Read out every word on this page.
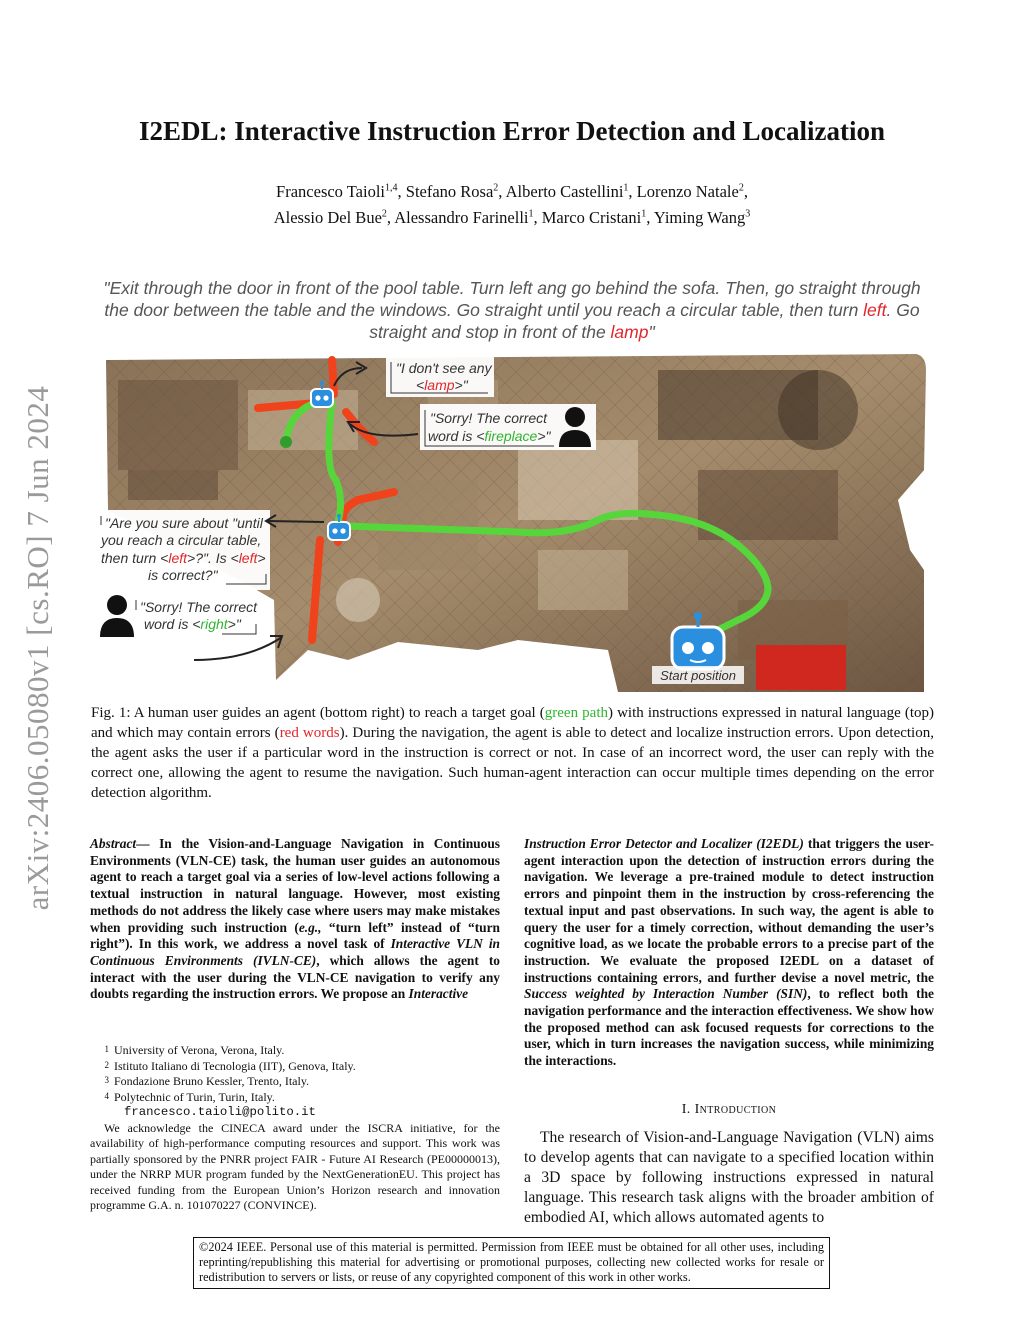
arXiv:2406.05080v1 [cs.RO] 7 Jun 2024
I2EDL: Interactive Instruction Error Detection and Localization
Francesco Taioli$^{1,4}$, Stefano Rosa$^2$, Alberto Castellini$^1$, Lorenzo Natale$^2$,
Alessio Del Bue$^2$, Alessandro Farinelli$^1$, Marco Cristani$^1$, Yiming Wang$^3$
"Exit through the door in front of the pool table. Turn left ang go behind the sofa. Then, go straight through the door between the table and the windows. Go straight until you reach a circular table, then turn left. Go straight and stop in front of the lamp"
Start position
"I don't see any
<lamp>"
"Sorry! The correct
word is <fireplace>"
"Are you sure about "until
you reach a circular table,
then turn <left>?". Is <left>
is correct?"
"Sorry! The correct
word is <right>"
Fig. 1: A human user guides an agent (bottom right) to reach a target goal (green path) with instructions expressed in natural language (top) and which may contain errors (red words). During the navigation, the agent is able to detect and localize instruction errors. Upon detection, the agent asks the user if a particular word in the instruction is correct or not. In case of an incorrect word, the user can reply with the correct one, allowing the agent to resume the navigation. Such human-agent interaction can occur multiple times depending on the error detection algorithm.
Abstract— In the Vision-and-Language Navigation in Continuous Environments (VLN-CE) task, the human user guides an autonomous agent to reach a target goal via a series of low-level actions following a textual instruction in natural language. However, most existing methods do not address the likely case where users may make mistakes when providing such instruction (e.g., “turn left” instead of “turn right”). In this work, we address a novel task of Interactive VLN in Continuous Environments (IVLN-CE), which allows the agent to interact with the user during the VLN-CE navigation to verify any doubts regarding the instruction errors. We propose an Interactive
Instruction Error Detector and Localizer (I2EDL) that triggers the user-agent interaction upon the detection of instruction errors during the navigation. We leverage a pre-trained module to detect instruction errors and pinpoint them in the instruction by cross-referencing the textual input and past observations. In such way, the agent is able to query the user for a timely correction, without demanding the user’s cognitive load, as we locate the probable errors to a precise part of the instruction. We evaluate the proposed I2EDL on a dataset of instructions containing errors, and further devise a novel metric, the Success weighted by Interaction Number (SIN), to reflect both the navigation performance and the interaction effectiveness. We show how the proposed method can ask focused requests for corrections to the user, which in turn increases the navigation success, while minimizing the interactions.
1 University of Verona, Verona, Italy.
2 Istituto Italiano di Tecnologia (IIT), Genova, Italy.
3 Fondazione Bruno Kessler, Trento, Italy.
4 Polytechnic of Turin, Turin, Italy.
francesco.taioli@polito.it
We acknowledge the CINECA award under the ISCRA initiative, for the availability of high-performance computing resources and support. This work was partially sponsored by the PNRR project FAIR - Future AI Research (PE00000013), under the NRRP MUR program funded by the NextGenerationEU. This project has received funding from the European Union’s Horizon research and innovation programme G.A. n. 101070227 (CONVINCE).
I. Introduction
The research of Vision-and-Language Navigation (VLN) aims to develop agents that can navigate to a specified location within a 3D space by following instructions expressed in natural language. This research task aligns with the broader ambition of embodied AI, which allows automated agents to
©2024 IEEE. Personal use of this material is permitted. Permission from IEEE must be obtained for all other uses, including reprinting/republishing this material for advertising or promotional purposes, collecting new collected works for resale or redistribution to servers or lists, or reuse of any copyrighted component of this work in other works.
